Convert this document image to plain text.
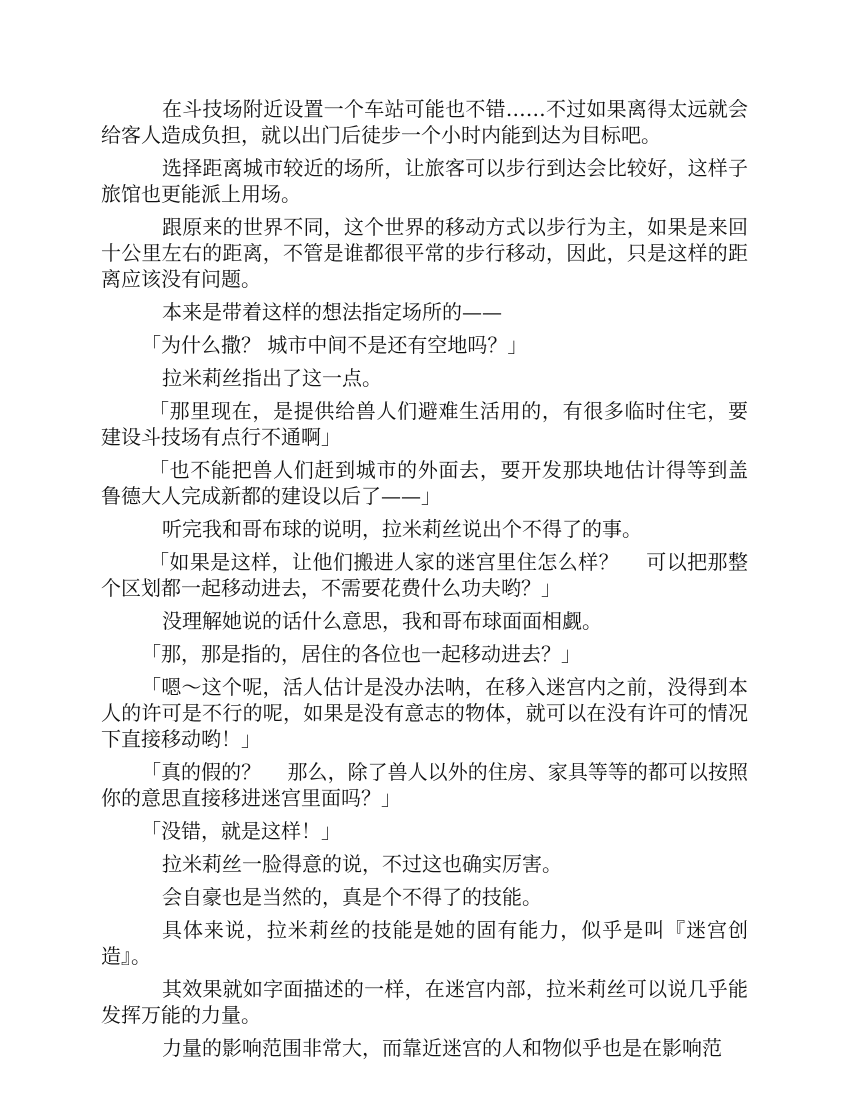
在斗技场附近设置一个车站可能也不错……不过如果离得太远就会给客人造成负担，就以出门后徒步一个小时内能到达为目标吧。

选择距离城市较近的场所，让旅客可以步行到达会比较好，这样子旅馆也更能派上用场。

跟原来的世界不同，这个世界的移动方式以步行为主，如果是来回十公里左右的距离，不管是谁都很平常的步行移动，因此，只是这样的距离应该没有问题。

本来是带着这样的想法指定场所的——

「为什么撒？ 城市中间不是还有空地吗？」

拉米莉丝指出了这一点。

「那里现在，是提供给兽人们避难生活用的，有很多临时住宅，要建设斗技场有点行不通啊」

「也不能把兽人们赶到城市的外面去，要开发那块地估计得等到盖鲁德大人完成新都的建设以后了——」

听完我和哥布球的说明，拉米莉丝说出个不得了的事。

「如果是这样，让他们搬进人家的迷宫里住怎么样？　 可以把那整个区划都一起移动进去，不需要花费什么功夫哟？」

没理解她说的话什么意思，我和哥布球面面相觑。

「那，那是指的，居住的各位也一起移动进去？」

「嗯～这个呢，活人估计是没办法呐，在移入迷宫内之前，没得到本人的许可是不行的呢，如果是没有意志的物体，就可以在没有许可的情况下直接移动哟！」

「真的假的？　 那么，除了兽人以外的住房、家具等等的都可以按照你的意思直接移进迷宫里面吗？」

「没错，就是这样！」

拉米莉丝一脸得意的说，不过这也确实厉害。

会自豪也是当然的，真是个不得了的技能。

具体来说，拉米莉丝的技能是她的固有能力，似乎是叫『迷宫创造』。

其效果就如字面描述的一样，在迷宫内部，拉米莉丝可以说几乎能发挥万能的力量。

力量的影响范围非常大，而靠近迷宫的人和物似乎也是在影响范
